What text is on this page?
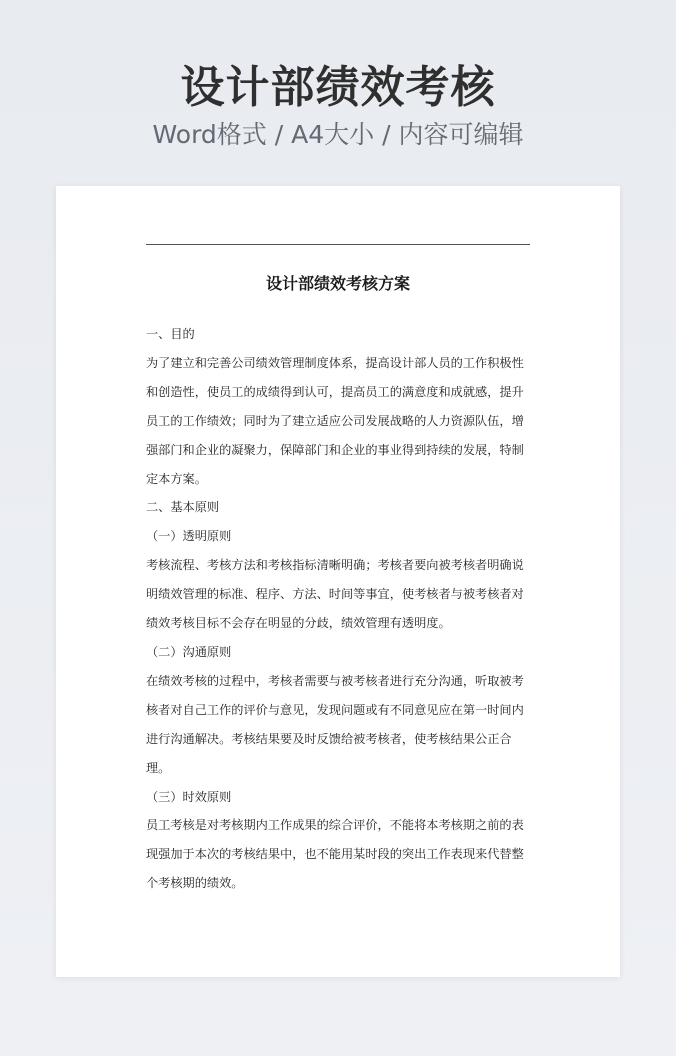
设计部绩效考核
Word格式 / A4大小 / 内容可编辑
设计部绩效考核方案

一、目的

为了建立和完善公司绩效管理制度体系，提高设计部人员的工作积极性和创造性，使员工的成绩得到认可，提高员工的满意度和成就感，提升员工的工作绩效；同时为了建立适应公司发展战略的人力资源队伍，增强部门和企业的凝聚力，保障部门和企业的事业得到持续的发展，特制定本方案。

二、基本原则

（一）透明原则

考核流程、考核方法和考核指标清晰明确；考核者要向被考核者明确说明绩效管理的标准、程序、方法、时间等事宜，使考核者与被考核者对绩效考核目标不会存在明显的分歧，绩效管理有透明度。

（二）沟通原则

在绩效考核的过程中，考核者需要与被考核者进行充分沟通，听取被考核者对自己工作的评价与意见，发现问题或有不同意见应在第一时间内进行沟通解决。考核结果要及时反馈给被考核者，使考核结果公正合理。

（三）时效原则

员工考核是对考核期内工作成果的综合评价，不能将本考核期之前的表现强加于本次的考核结果中，也不能用某时段的突出工作表现来代替整个考核期的绩效。
